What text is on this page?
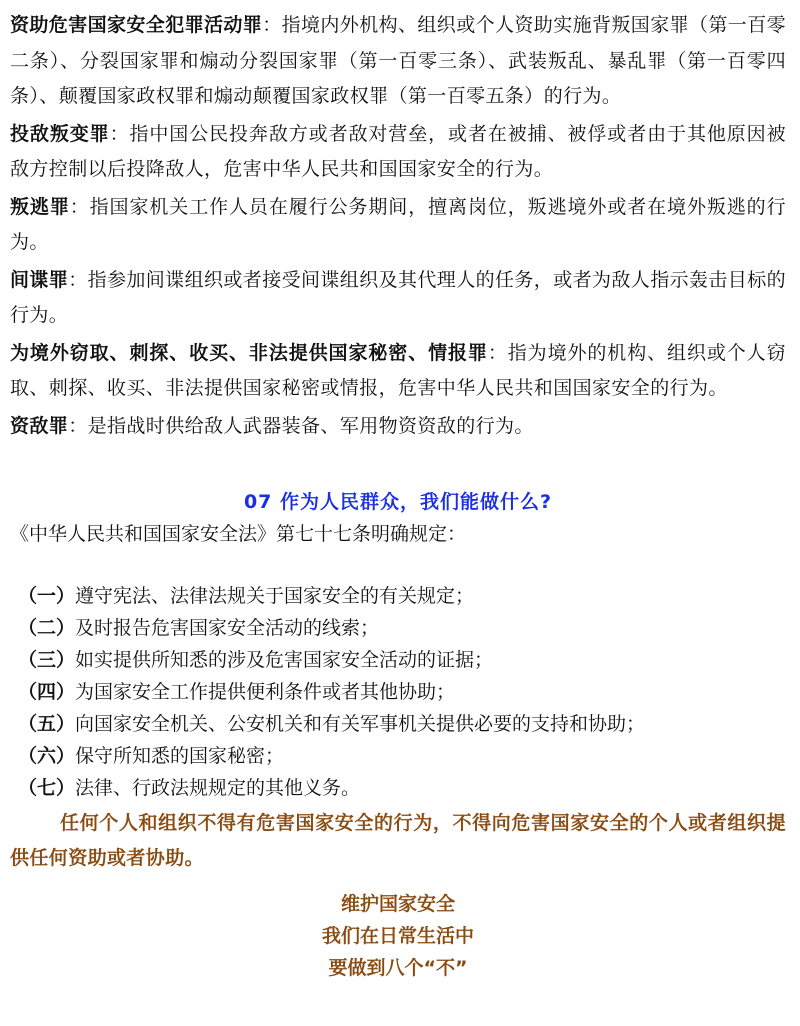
资助危害国家安全犯罪活动罪：指境内外机构、组织或个人资助实施背叛国家罪（第一百零二条）、分裂国家罪和煽动分裂国家罪（第一百零三条）、武装叛乱、暴乱罪（第一百零四条）、颠覆国家政权罪和煽动颠覆国家政权罪（第一百零五条）的行为。

投敌叛变罪：指中国公民投奔敌方或者敌对营垒，或者在被捕、被俘或者由于其他原因被敌方控制以后投降敌人，危害中华人民共和国国家安全的行为。

叛逃罪：指国家机关工作人员在履行公务期间，擅离岗位，叛逃境外或者在境外叛逃的行为。

间谍罪：指参加间谍组织或者接受间谍组织及其代理人的任务，或者为敌人指示轰击目标的行为。

为境外窃取、刺探、收买、非法提供国家秘密、情报罪：指为境外的机构、组织或个人窃取、刺探、收买、非法提供国家秘密或情报，危害中华人民共和国国家安全的行为。

资敌罪：是指战时供给敌人武器装备、军用物资资敌的行为。

07 作为人民群众，我们能做什么?
《中华人民共和国国家安全法》第七十七条明确规定：
（一）遵守宪法、法律法规关于国家安全的有关规定；
（二）及时报告危害国家安全活动的线索；
（三）如实提供所知悉的涉及危害国家安全活动的证据；
（四）为国家安全工作提供便利条件或者其他协助；
（五）向国家安全机关、公安机关和有关军事机关提供必要的支持和协助；
（六）保守所知悉的国家秘密；
（七）法律、行政法规规定的其他义务。

任何个人和组织不得有危害国家安全的行为，不得向危害国家安全的个人或者组织提供任何资助或者协助。

维护国家安全

我们在日常生活中

要做到八个“不”
